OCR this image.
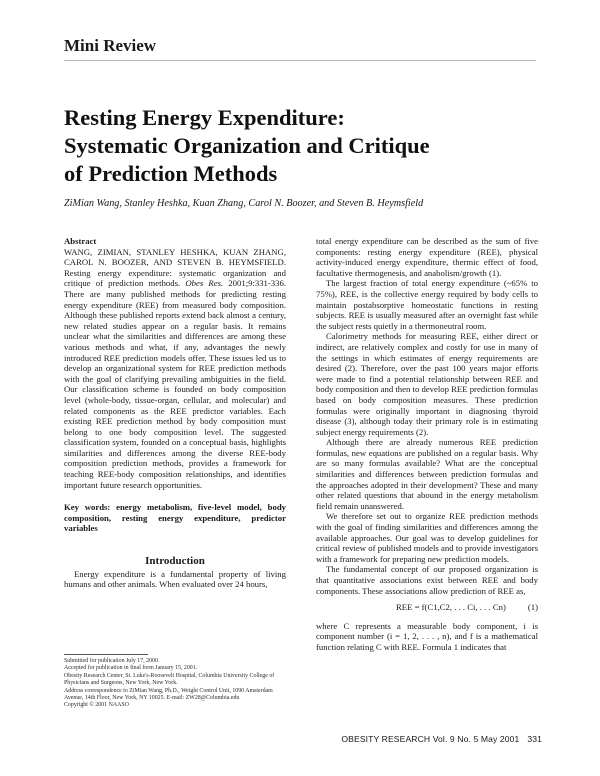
Mini Review
Resting Energy Expenditure:
Systematic Organization and Critique
of Prediction Methods
ZiMian Wang, Stanley Heshka, Kuan Zhang, Carol N. Boozer, and Steven B. Heymsfield

Abstract

WANG, ZIMIAN, STANLEY HESHKA, KUAN ZHANG, CAROL N. BOOZER, AND STEVEN B. HEYMSFIELD. Resting energy expenditure: systematic organization and critique of prediction methods. Obes Res. 2001;9:331-336. There are many published methods for predicting resting energy expenditure (REE) from measured body composition. Although these published reports extend back almost a century, new related studies appear on a regular basis. It remains unclear what the similarities and differences are among these various methods and what, if any, advantages the newly introduced REE prediction models offer. These issues led us to develop an organizational system for REE prediction methods with the goal of clarifying prevailing ambiguities in the field. Our classification scheme is founded on body composition level (whole-body, tissue-organ, cellular, and molecular) and related components as the REE predictor variables. Each existing REE prediction method by body composition must belong to one body composition level. The suggested classification system, founded on a conceptual basis, highlights similarities and differences among the diverse REE-body composition prediction methods, provides a framework for teaching REE-body composition relationships, and identifies important future research opportunities.

Key words: energy metabolism, five-level model, body composition, resting energy expenditure, predictor variables

Introduction

Energy expenditure is a fundamental property of living humans and other animals. When evaluated over 24 hours,

total energy expenditure can be described as the sum of five components: resting energy expenditure (REE), physical activity-induced energy expenditure, thermic effect of food, facultative thermogenesis, and anabolism/growth (1).

The largest fraction of total energy expenditure (~65% to 75%), REE, is the collective energy required by body cells to maintain postabsorptive homeostatic functions in resting subjects. REE is usually measured after an overnight fast while the subject rests quietly in a thermoneutral room.

Calorimetry methods for measuring REE, either direct or indirect, are relatively complex and costly for use in many of the settings in which estimates of energy requirements are desired (2). Therefore, over the past 100 years major efforts were made to find a potential relationship between REE and body composition and then to develop REE prediction formulas based on body composition measures. These prediction formulas were originally important in diagnosing thyroid disease (3), although today their primary role is in estimating subject energy requirements (2).

Although there are already numerous REE prediction formulas, new equations are published on a regular basis. Why are so many formulas available? What are the conceptual similarities and differences between prediction formulas and the approaches adopted in their development? These and many other related questions that abound in the energy metabolism field remain unanswered.

We therefore set out to organize REE prediction methods with the goal of finding similarities and differences among the available approaches. Our goal was to develop guidelines for critical review of published models and to provide investigators with a framework for preparing new prediction models.

The fundamental concept of our proposed organization is that quantitative associations exist between REE and body components. These associations allow prediction of REE as,

REE = f(C1,C2, . . . Ci, . . . Cn)	(1)

where C represents a measurable body component, i is component number (i = 1, 2, . . . , n), and f is a mathematical function relating C with REE. Formula 1 indicates that

Submitted for publication July 17, 2000.
Accepted for publication in final form January 15, 2001.
Obesity Research Center, St. Luke's-Roosevelt Hospital, Columbia University College of Physicians and Surgeons, New York, New York.
Address correspondence to ZiMian Wang, Ph.D., Weight Control Unit, 1090 Amsterdam Avenue, 14th Floor, New York, NY 10025. E-mail: ZW28@Columbia.edu
Copyright © 2001 NAASO
OBESITY RESEARCH Vol. 9 No. 5 May 2001 331
